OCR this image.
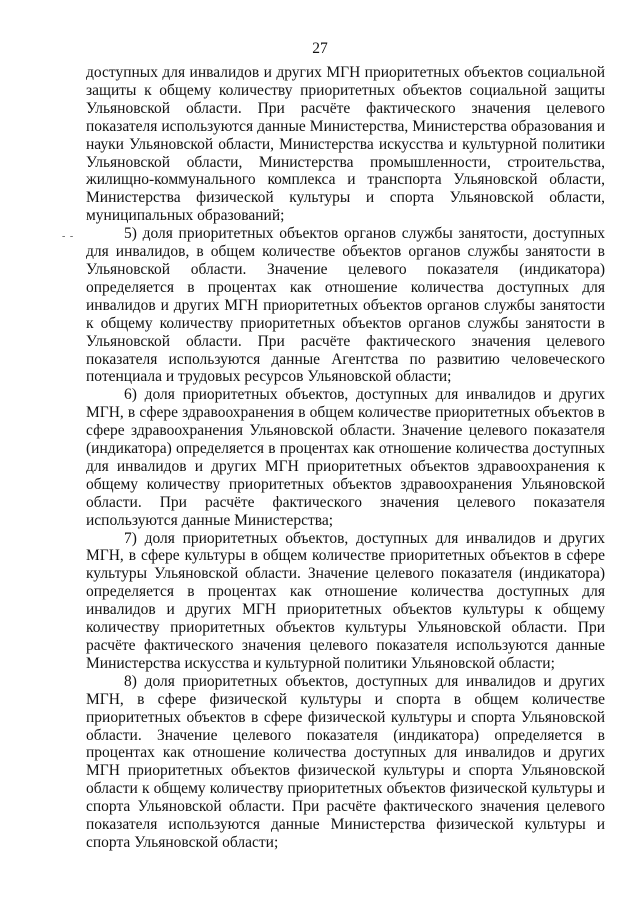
27
- -

доступных для инвалидов и других МГН приоритетных объектов социальной защиты к общему количеству приоритетных объектов социальной защиты Ульяновской области. При расчёте фактического значения целевого показателя используются данные Министерства, Министерства образования и науки Ульяновской области, Министерства искусства и культурной политики Ульяновской области, Министерства промышленности, строительства, жилищно-коммунального комплекса и транспорта Ульяновской области, Министерства физической культуры и спорта Ульяновской области, муниципальных образований;

5) доля приоритетных объектов органов службы занятости, доступных для инвалидов, в общем количестве объектов органов службы занятости в Ульяновской области. Значение целевого показателя (индикатора) определяется в процентах как отношение количества доступных для инвалидов и других МГН приоритетных объектов органов службы занятости к общему количеству приоритетных объектов органов службы занятости в Ульяновской области. При расчёте фактического значения целевого показателя используются данные Агентства по развитию человеческого потенциала и трудовых ресурсов Ульяновской области;

6) доля приоритетных объектов, доступных для инвалидов и других МГН, в сфере здравоохранения в общем количестве приоритетных объектов в сфере здравоохранения Ульяновской области. Значение целевого показателя (индикатора) определяется в процентах как отношение количества доступных для инвалидов и других МГН приоритетных объектов здравоохранения к общему количеству приоритетных объектов здравоохранения Ульяновской области. При расчёте фактического значения целевого показателя используются данные Министерства;

7) доля приоритетных объектов, доступных для инвалидов и других МГН, в сфере культуры в общем количестве приоритетных объектов в сфере культуры Ульяновской области. Значение целевого показателя (индикатора) определяется в процентах как отношение количества доступных для инвалидов и других МГН приоритетных объектов культуры к общему количеству приоритетных объектов культуры Ульяновской области. При расчёте фактического значения целевого показателя используются данные Министерства искусства и культурной политики Ульяновской области;

8) доля приоритетных объектов, доступных для инвалидов и других МГН, в сфере физической культуры и спорта в общем количестве приоритетных объектов в сфере физической культуры и спорта Ульяновской области. Значение целевого показателя (индикатора) определяется в процентах как отношение количества доступных для инвалидов и других МГН приоритетных объектов физической культуры и спорта Ульяновской области к общему количеству приоритетных объектов физической культуры и спорта Ульяновской области. При расчёте фактического значения целевого показателя используются данные Министерства физической культуры и спорта Ульяновской области;
